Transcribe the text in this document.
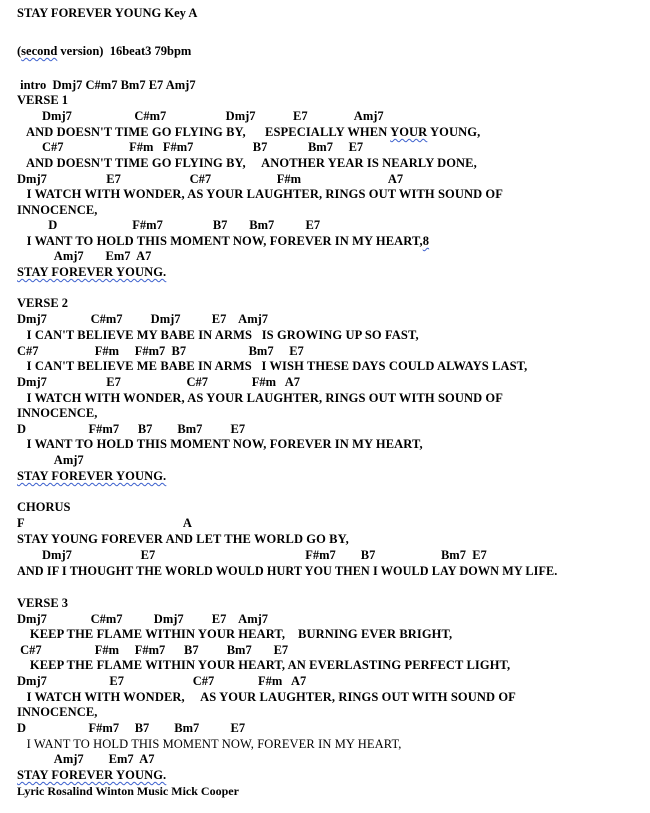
STAY FOREVER YOUNG Key A
(second version)  16beat3 79bpm
intro  Dmj7 C#m7 Bm7 E7 Amj7
VERSE 1
Dmj7                    C#m7                   Dmj7            E7               Amj7
AND DOESN'T TIME GO FLYING BY,      ESPECIALLY WHEN YOUR YOUNG,
C#7                     F#m   F#m7                   B7             Bm7     E7
AND DOESN'T TIME GO FLYING BY,     ANOTHER YEAR IS NEARLY DONE,
Dmj7                   E7                      C#7                     F#m                            A7
I WATCH WITH WONDER, AS YOUR LAUGHTER, RINGS OUT WITH SOUND OF
INNOCENCE,
D                        F#m7                B7       Bm7          E7
I WANT TO HOLD THIS MOMENT NOW, FOREVER IN MY HEART,8
Amj7       Em7  A7
STAY FOREVER YOUNG.
VERSE 2
Dmj7              C#m7         Dmj7          E7    Amj7
I CAN'T BELIEVE MY BABE IN ARMS   IS GROWING UP SO FAST,
C#7                  F#m     F#m7  B7                    Bm7     E7
I CAN'T BELIEVE ME BABE IN ARMS   I WISH THESE DAYS COULD ALWAYS LAST,
Dmj7                   E7                     C#7              F#m   A7
I WATCH WITH WONDER, AS YOUR LAUGHTER, RINGS OUT WITH SOUND OF
INNOCENCE,
D                    F#m7      B7        Bm7         E7
I WANT TO HOLD THIS MOMENT NOW, FOREVER IN MY HEART,
Amj7
STAY FOREVER YOUNG.
CHORUS
F                                                   A
STAY YOUNG FOREVER AND LET THE WORLD GO BY,
Dmj7                      E7                                                F#m7        B7                     Bm7  E7
AND IF I THOUGHT THE WORLD WOULD HURT YOU THEN I WOULD LAY DOWN MY LIFE.
VERSE 3
Dmj7              C#m7          Dmj7         E7    Amj7
KEEP THE FLAME WITHIN YOUR HEART,    BURNING EVER BRIGHT,
C#7                 F#m     F#m7      B7         Bm7       E7
KEEP THE FLAME WITHIN YOUR HEART, AN EVERLASTING PERFECT LIGHT,
Dmj7                    E7                      C#7              F#m   A7
I WATCH WITH WONDER,     AS YOUR LAUGHTER, RINGS OUT WITH SOUND OF
INNOCENCE,
D                    F#m7     B7        Bm7          E7
I WANT TO HOLD THIS MOMENT NOW, FOREVER IN MY HEART,
Amj7        Em7  A7
STAY FOREVER YOUNG.
Lyric Rosalind Winton Music Mick Cooper
